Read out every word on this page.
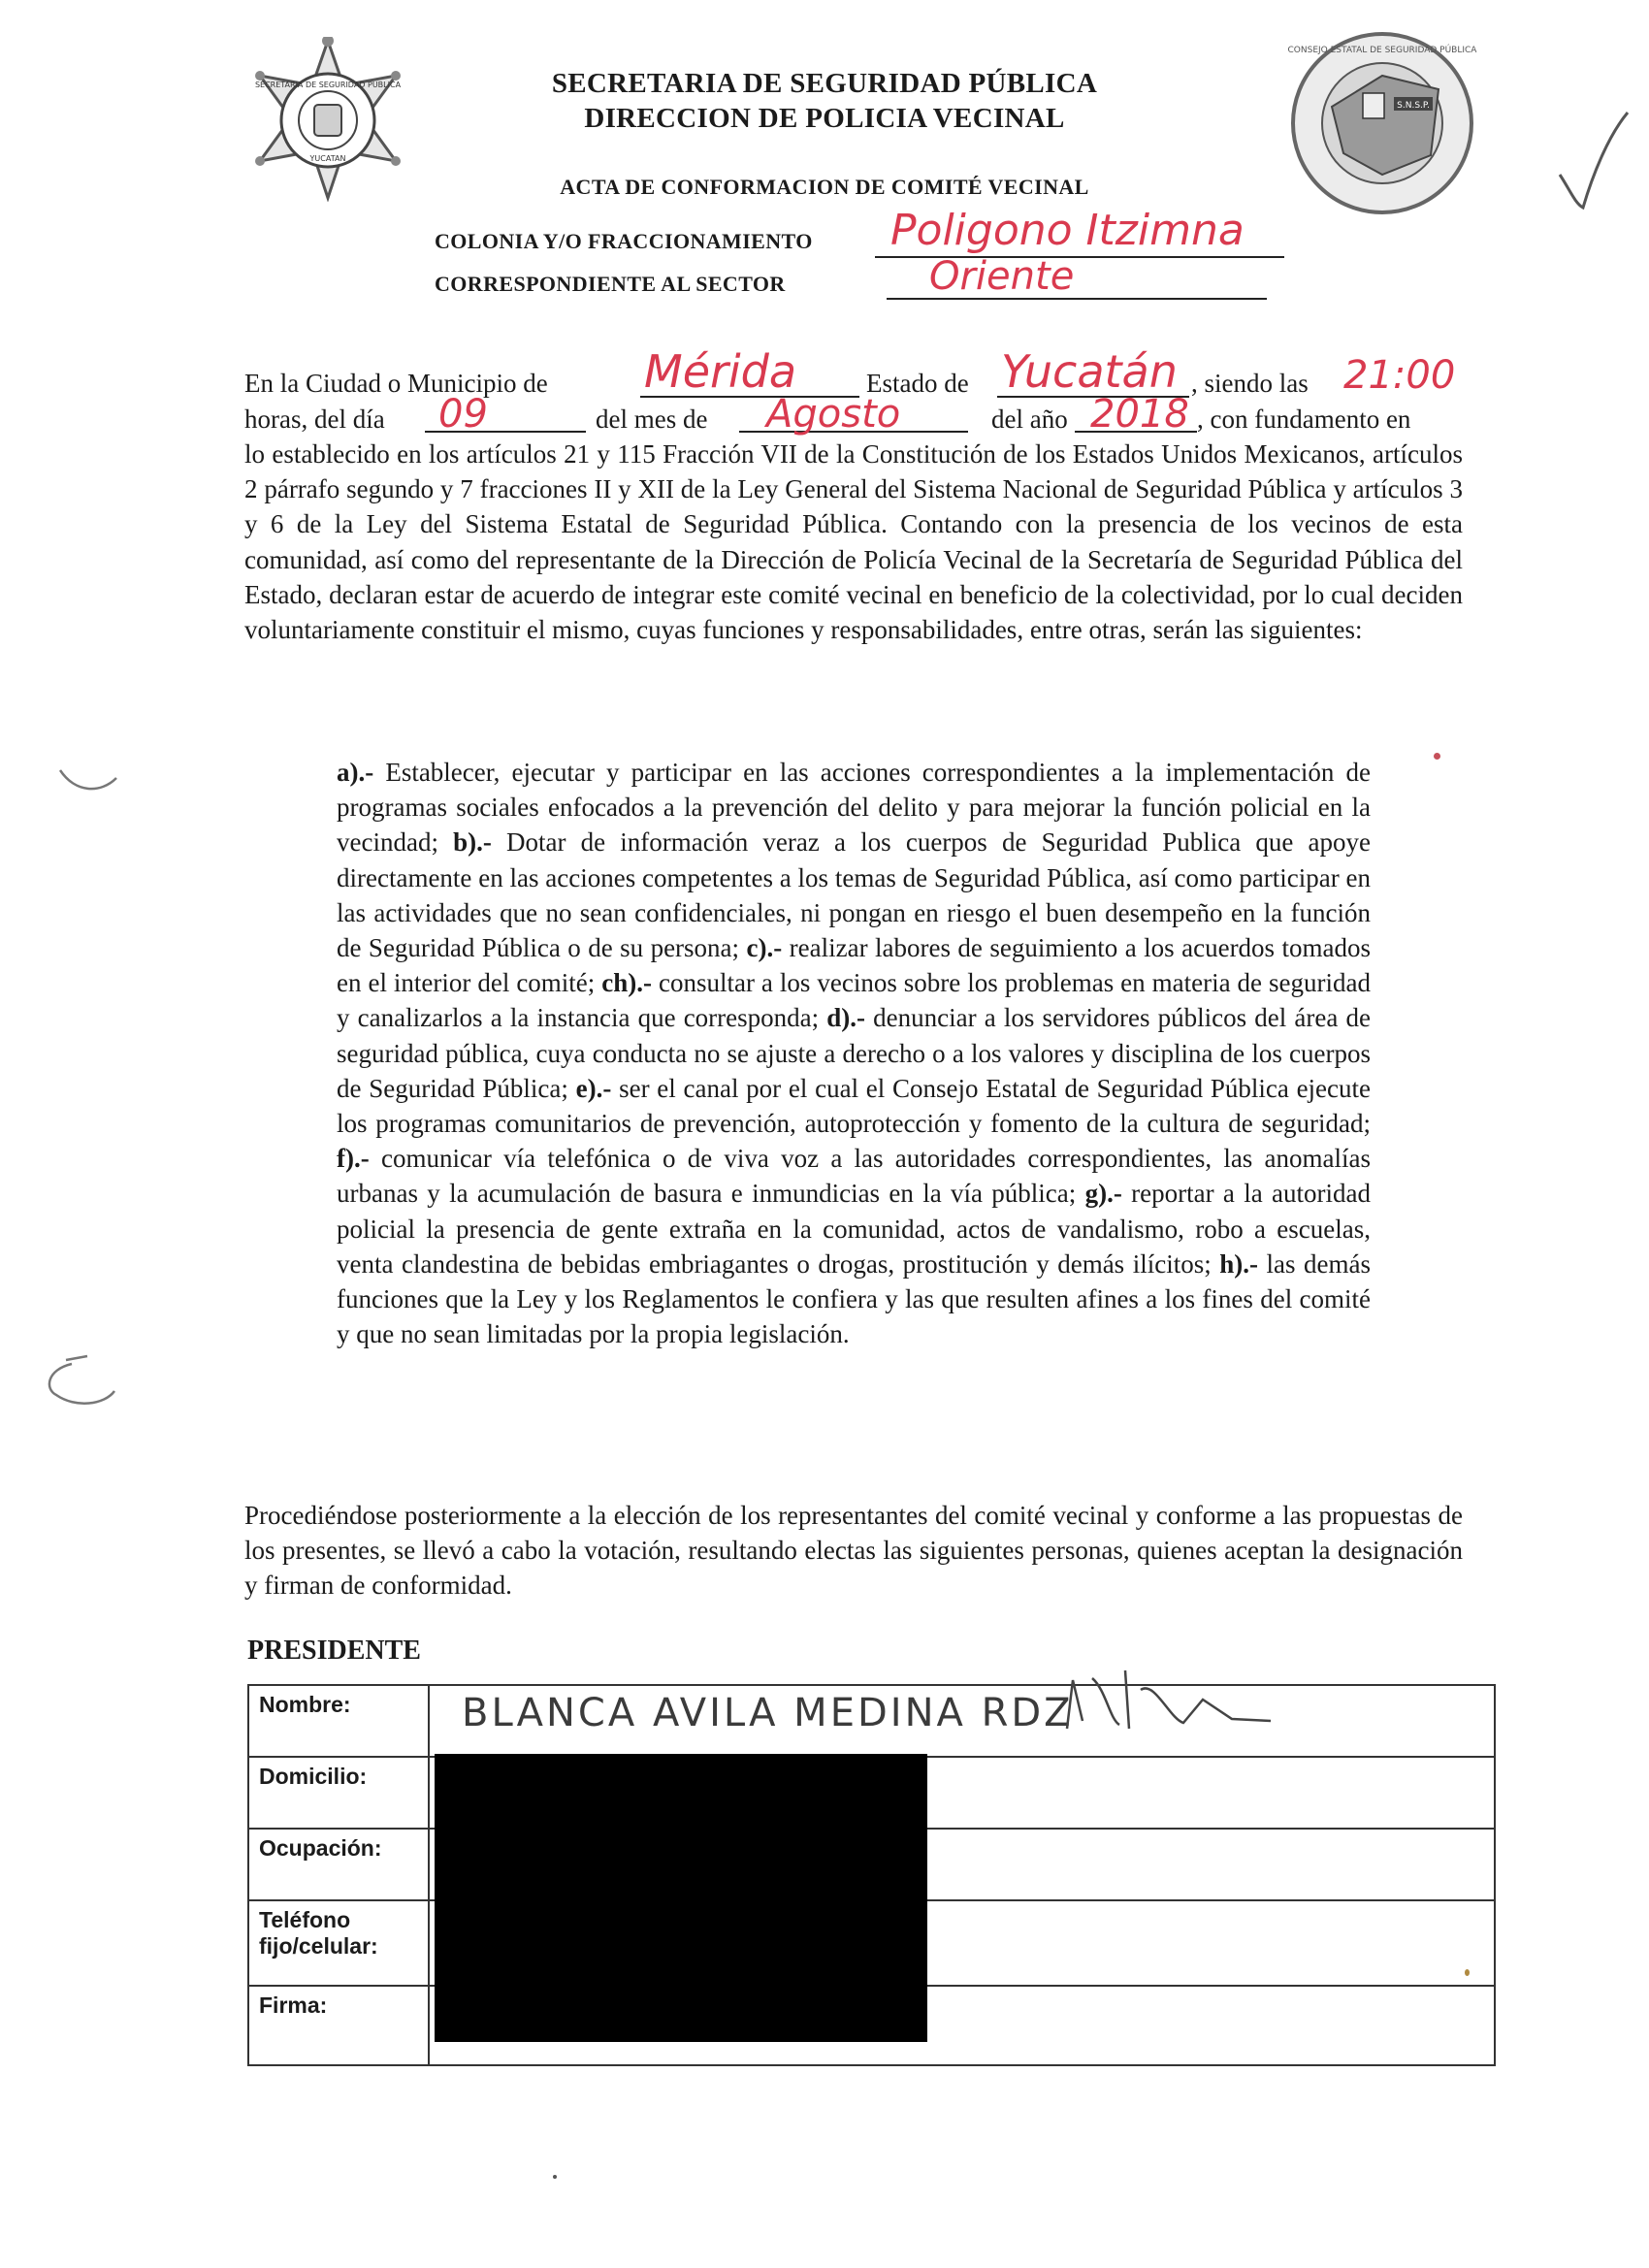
SECRETARIA DE SEGURIDAD PUBLICA
YUCATAN
S.N.S.P.
CONSEJO ESTATAL DE SEGURIDAD PÚBLICA
SECRETARIA DE SEGURIDAD PÚBLICA
DIRECCION DE POLICIA VECINAL
ACTA DE CONFORMACION DE COMITÉ VECINAL
COLONIA Y/O FRACCIONAMIENTO Poligono Itzimna
CORRESPONDIENTE AL SECTOR	Oriente
En la Ciudad o Municipio de Mérida	Estado de Yucatán , siendo las 21:00
horas, del día 09	del mes de Agosto	del año 2018 , con fundamento en
lo establecido en los artículos 21 y 115 Fracción VII de la Constitución de los Estados Unidos Mexicanos, artículos 2 párrafo segundo y 7 fracciones II y XII de la Ley General del Sistema Nacional de Seguridad Pública y artículos 3 y 6 de la Ley del Sistema Estatal de Seguridad Pública. Contando con la presencia de los vecinos de esta comunidad, así como del representante de la Dirección de Policía Vecinal de la Secretaría de Seguridad Pública del Estado, declaran estar de acuerdo de integrar este comité vecinal en beneficio de la colectividad, por lo cual deciden voluntariamente constituir el mismo, cuyas funciones y responsabilidades, entre otras, serán las siguientes:
a).- Establecer, ejecutar y participar en las acciones correspondientes a la implementación de programas sociales enfocados a la prevención del delito y para mejorar la función policial en la vecindad; b).- Dotar de información veraz a los cuerpos de Seguridad Publica que apoye directamente en las acciones competentes a los temas de Seguridad Pública, así como participar en las actividades que no sean confidenciales, ni pongan en riesgo el buen desempeño en la función de Seguridad Pública o de su persona; c).- realizar labores de seguimiento a los acuerdos tomados en el interior del comité; ch).- consultar a los vecinos sobre los problemas en materia de seguridad y canalizarlos a la instancia que corresponda; d).- denunciar a los servidores públicos del área de seguridad pública, cuya conducta no se ajuste a derecho o a los valores y disciplina de los cuerpos de Seguridad Pública; e).- ser el canal por el cual el Consejo Estatal de Seguridad Pública ejecute los programas comunitarios de prevención, autoprotección y fomento de la cultura de seguridad; f).- comunicar vía telefónica o de viva voz a las autoridades correspondientes, las anomalías urbanas y la acumulación de basura e inmundicias en la vía pública; g).- reportar a la autoridad policial la presencia de gente extraña en la comunidad, actos de vandalismo, robo a escuelas, venta clandestina de bebidas embriagantes o drogas, prostitución y demás ilícitos; h).- las demás funciones que la Ley y los Reglamentos le confiera y las que resulten afines a los fines del comité y que no sean limitadas por la propia legislación.
Procediéndose posteriormente a la elección de los representantes del comité vecinal y conforme a las propuestas de los presentes, se llevó a cabo la votación, resultando electas las siguientes personas, quienes aceptan la designación y firman de conformidad.
PRESIDENTE
Nombre:	BLANCA AVILA MEDINA RDZ

Domicilio:	
Ocupación:	
Teléfono fijo/celular:	
Firma:	
